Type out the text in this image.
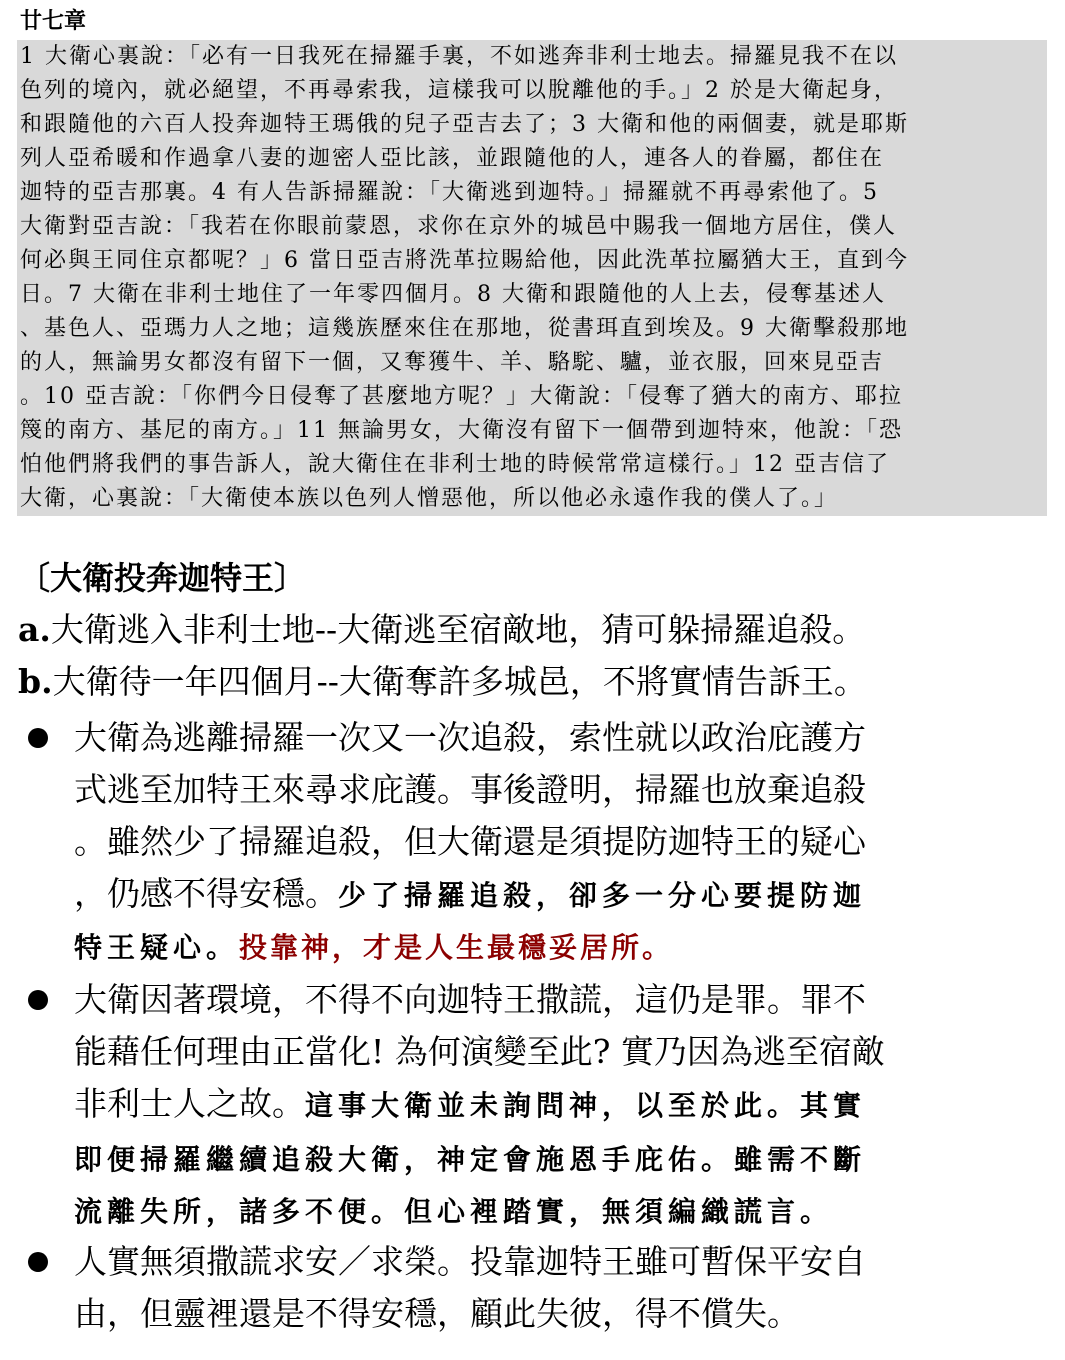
廿七章
1 大衛心裏說：「必有一日我死在掃羅手裏，不如逃奔非利士地去。掃羅見我不在以
色列的境內，就必絕望，不再尋索我，這樣我可以脫離他的手。」2 於是大衛起身，
和跟隨他的六百人投奔迦特王瑪俄的兒子亞吉去了；3 大衛和他的兩個妻，就是耶斯
列人亞希暖和作過拿八妻的迦密人亞比該，並跟隨他的人，連各人的眷屬，都住在
迦特的亞吉那裏。4 有人告訴掃羅說：「大衛逃到迦特。」掃羅就不再尋索他了。5
大衛對亞吉說：「我若在你眼前蒙恩，求你在京外的城邑中賜我一個地方居住，僕人
何必與王同住京都呢？」6 當日亞吉將洗革拉賜給他，因此洗革拉屬猶大王，直到今
日。7 大衛在非利士地住了一年零四個月。8 大衛和跟隨他的人上去，侵奪基述人
、基色人、亞瑪力人之地；這幾族歷來住在那地，從書珥直到埃及。9 大衛擊殺那地
的人，無論男女都沒有留下一個，又奪獲牛、羊、駱駝、驢，並衣服，回來見亞吉
。10 亞吉說：「你們今日侵奪了甚麼地方呢？」大衛說：「侵奪了猶大的南方、耶拉
篾的南方、基尼的南方。」11 無論男女，大衛沒有留下一個帶到迦特來，他說：「恐
怕他們將我們的事告訴人，說大衛住在非利士地的時候常常這樣行。」12 亞吉信了
大衛，心裏說：「大衛使本族以色列人憎惡他，所以他必永遠作我的僕人了。」
〔大衛投奔迦特王〕
a.大衛逃入非利士地--大衛逃至宿敵地，猜可躲掃羅追殺。
b.大衛待一年四個月--大衛奪許多城邑，不將實情告訴王。
大衛為逃離掃羅一次又一次追殺，索性就以政治庇護方
式逃至加特王來尋求庇護。事後證明，掃羅也放棄追殺
。雖然少了掃羅追殺，但大衛還是須提防迦特王的疑心
，仍感不得安穩。少了掃羅追殺，卻多一分心要提防迦
特王疑心。投靠神，才是人生最穩妥居所。
大衛因著環境，不得不向迦特王撒謊，這仍是罪。罪不
能藉任何理由正當化! 為何演變至此? 實乃因為逃至宿敵
非利士人之故。這事大衛並未詢問神，以至於此。其實
即便掃羅繼續追殺大衛，神定會施恩手庇佑。雖需不斷
流離失所，諸多不便。但心裡踏實，無須編織謊言。
人實無須撒謊求安／求榮。投靠迦特王雖可暫保平安自
由，但靈裡還是不得安穩，顧此失彼，得不償失。
